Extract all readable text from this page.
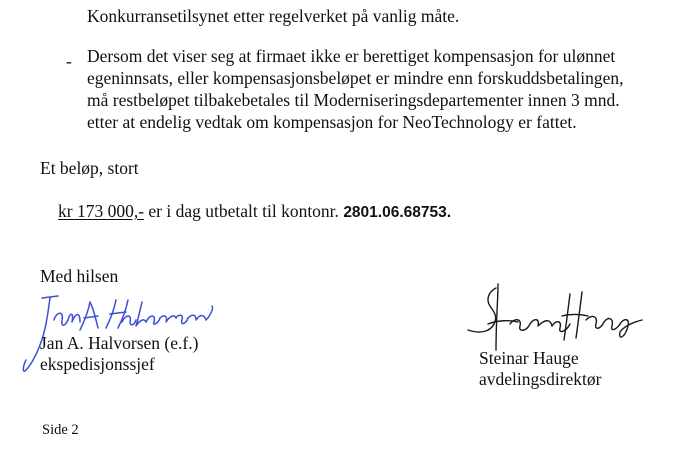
Konkurransetilsynet etter regelverket på vanlig måte.
- Dersom det viser seg at firmaet ikke er berettiget kompensasjon for ulønnet
egeninnsats, eller kompensasjonsbeløpet er mindre enn forskuddsbetalingen,
må restbeløpet tilbakebetales til Moderniseringsdepartementer innen 3 mnd.
etter at endelig vedtak om kompensasjon for NeoTechnology er fattet.
Et beløp, stort
kr 173 000,- er i dag utbetalt til kontonr. 2801.06.68753.
Med hilsen
Jan A. Halvorsen (e.f.)
ekspedisjonssjef	Steinar Hauge
avdelingsdirektør
Side 2
